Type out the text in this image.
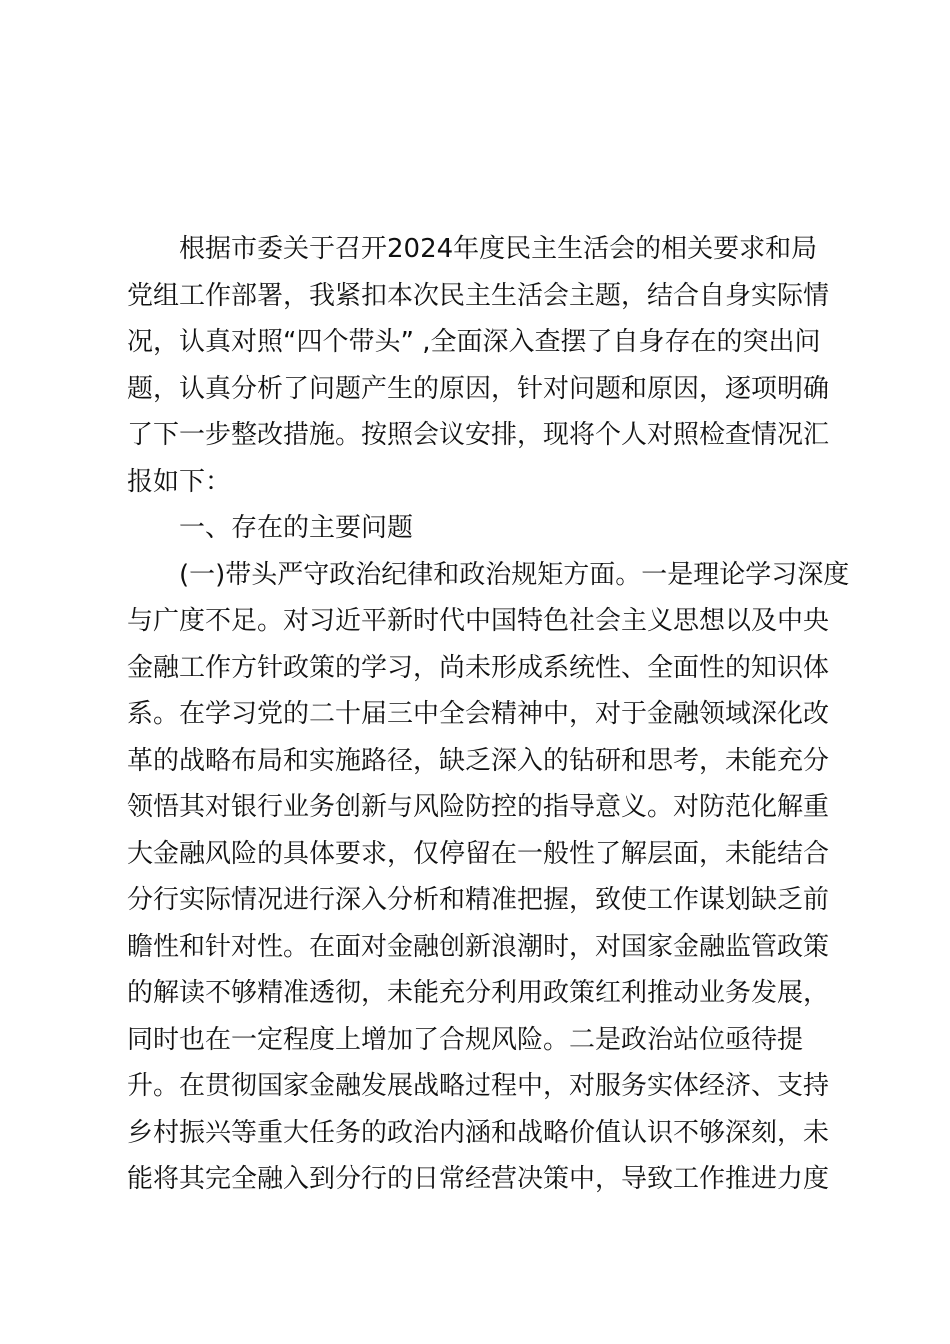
根据市委关于召开2024年度民主生活会的相关要求和局
党组工作部署，我紧扣本次民主生活会主题，结合自身实际情
况，认真对照“四个带头” ,全面深入查摆了自身存在的突出问
题，认真分析了问题产生的原因，针对问题和原因，逐项明确
了下一步整改措施。按照会议安排，现将个人对照检查情况汇
报如下：
一、存在的主要问题
(一)带头严守政治纪律和政治规矩方面。一是理论学习深度
与广度不足。对习近平新时代中国特色社会主义思想以及中央
金融工作方针政策的学习，尚未形成系统性、全面性的知识体
系。在学习党的二十届三中全会精神中，对于金融领域深化改
革的战略布局和实施路径，缺乏深入的钻研和思考，未能充分
领悟其对银行业务创新与风险防控的指导意义。对防范化解重
大金融风险的具体要求，仅停留在一般性了解层面，未能结合
分行实际情况进行深入分析和精准把握，致使工作谋划缺乏前
瞻性和针对性。在面对金融创新浪潮时，对国家金融监管政策
的解读不够精准透彻，未能充分利用政策红利推动业务发展，
同时也在一定程度上增加了合规风险。二是政治站位亟待提
升。在贯彻国家金融发展战略过程中，对服务实体经济、支持
乡村振兴等重大任务的政治内涵和战略价值认识不够深刻，未
能将其完全融入到分行的日常经营决策中，导致工作推进力度
